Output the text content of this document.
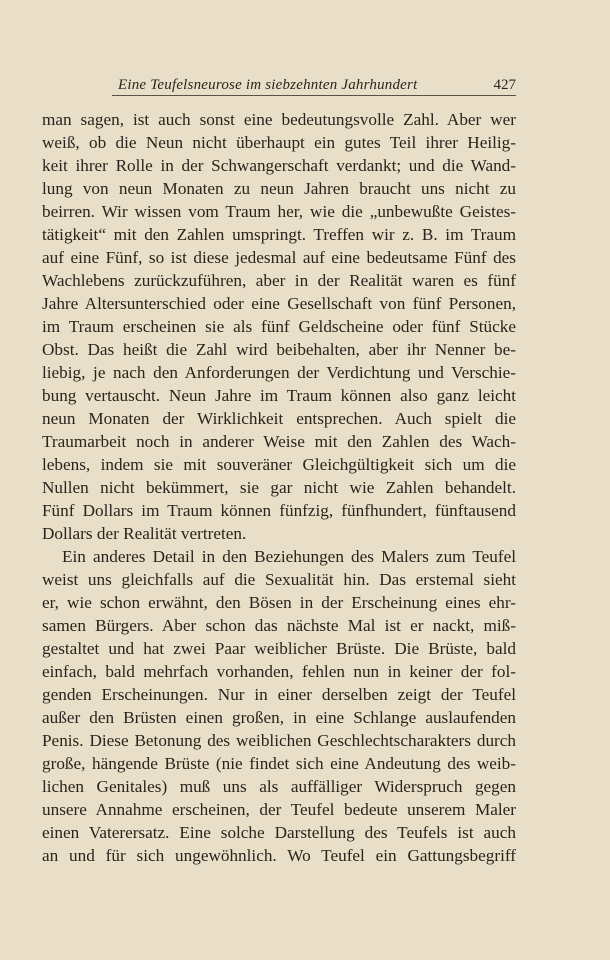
Eine Teufelsneurose im siebzehnten Jahrhundert	427
man sagen, ist auch sonst eine bedeutungsvolle Zahl. Aber wer
weiß, ob die Neun nicht überhaupt ein gutes Teil ihrer Heilig-
keit ihrer Rolle in der Schwangerschaft verdankt; und die Wand-
lung von neun Monaten zu neun Jahren braucht uns nicht zu
beirren. Wir wissen vom Traum her, wie die „unbewußte Geistes-
tätigkeit“ mit den Zahlen umspringt. Treffen wir z. B. im Traum
auf eine Fünf, so ist diese jedesmal auf eine bedeutsame Fünf des
Wachlebens zurückzuführen, aber in der Realität waren es fünf
Jahre Altersunterschied oder eine Gesellschaft von fünf Personen,
im Traum erscheinen sie als fünf Geldscheine oder fünf Stücke
Obst. Das heißt die Zahl wird beibehalten, aber ihr Nenner be-
liebig, je nach den Anforderungen der Verdichtung und Verschie-
bung vertauscht. Neun Jahre im Traum können also ganz leicht
neun Monaten der Wirklichkeit entsprechen. Auch spielt die
Traumarbeit noch in anderer Weise mit den Zahlen des Wach-
lebens, indem sie mit souveräner Gleichgültigkeit sich um die
Nullen nicht bekümmert, sie gar nicht wie Zahlen behandelt.
Fünf Dollars im Traum können fünfzig, fünfhundert, fünftausend
Dollars der Realität vertreten.
Ein anderes Detail in den Beziehungen des Malers zum Teufel
weist uns gleichfalls auf die Sexualität hin. Das erstemal sieht
er, wie schon erwähnt, den Bösen in der Erscheinung eines ehr-
samen Bürgers. Aber schon das nächste Mal ist er nackt, miß-
gestaltet und hat zwei Paar weiblicher Brüste. Die Brüste, bald
einfach, bald mehrfach vorhanden, fehlen nun in keiner der fol-
genden Erscheinungen. Nur in einer derselben zeigt der Teufel
außer den Brüsten einen großen, in eine Schlange auslaufenden
Penis. Diese Betonung des weiblichen Geschlechtscharakters durch
große, hängende Brüste (nie findet sich eine Andeutung des weib-
lichen Genitales) muß uns als auffälliger Widerspruch gegen
unsere Annahme erscheinen, der Teufel bedeute unserem Maler
einen Vaterersatz. Eine solche Darstellung des Teufels ist auch
an und für sich ungewöhnlich. Wo Teufel ein Gattungsbegriff
